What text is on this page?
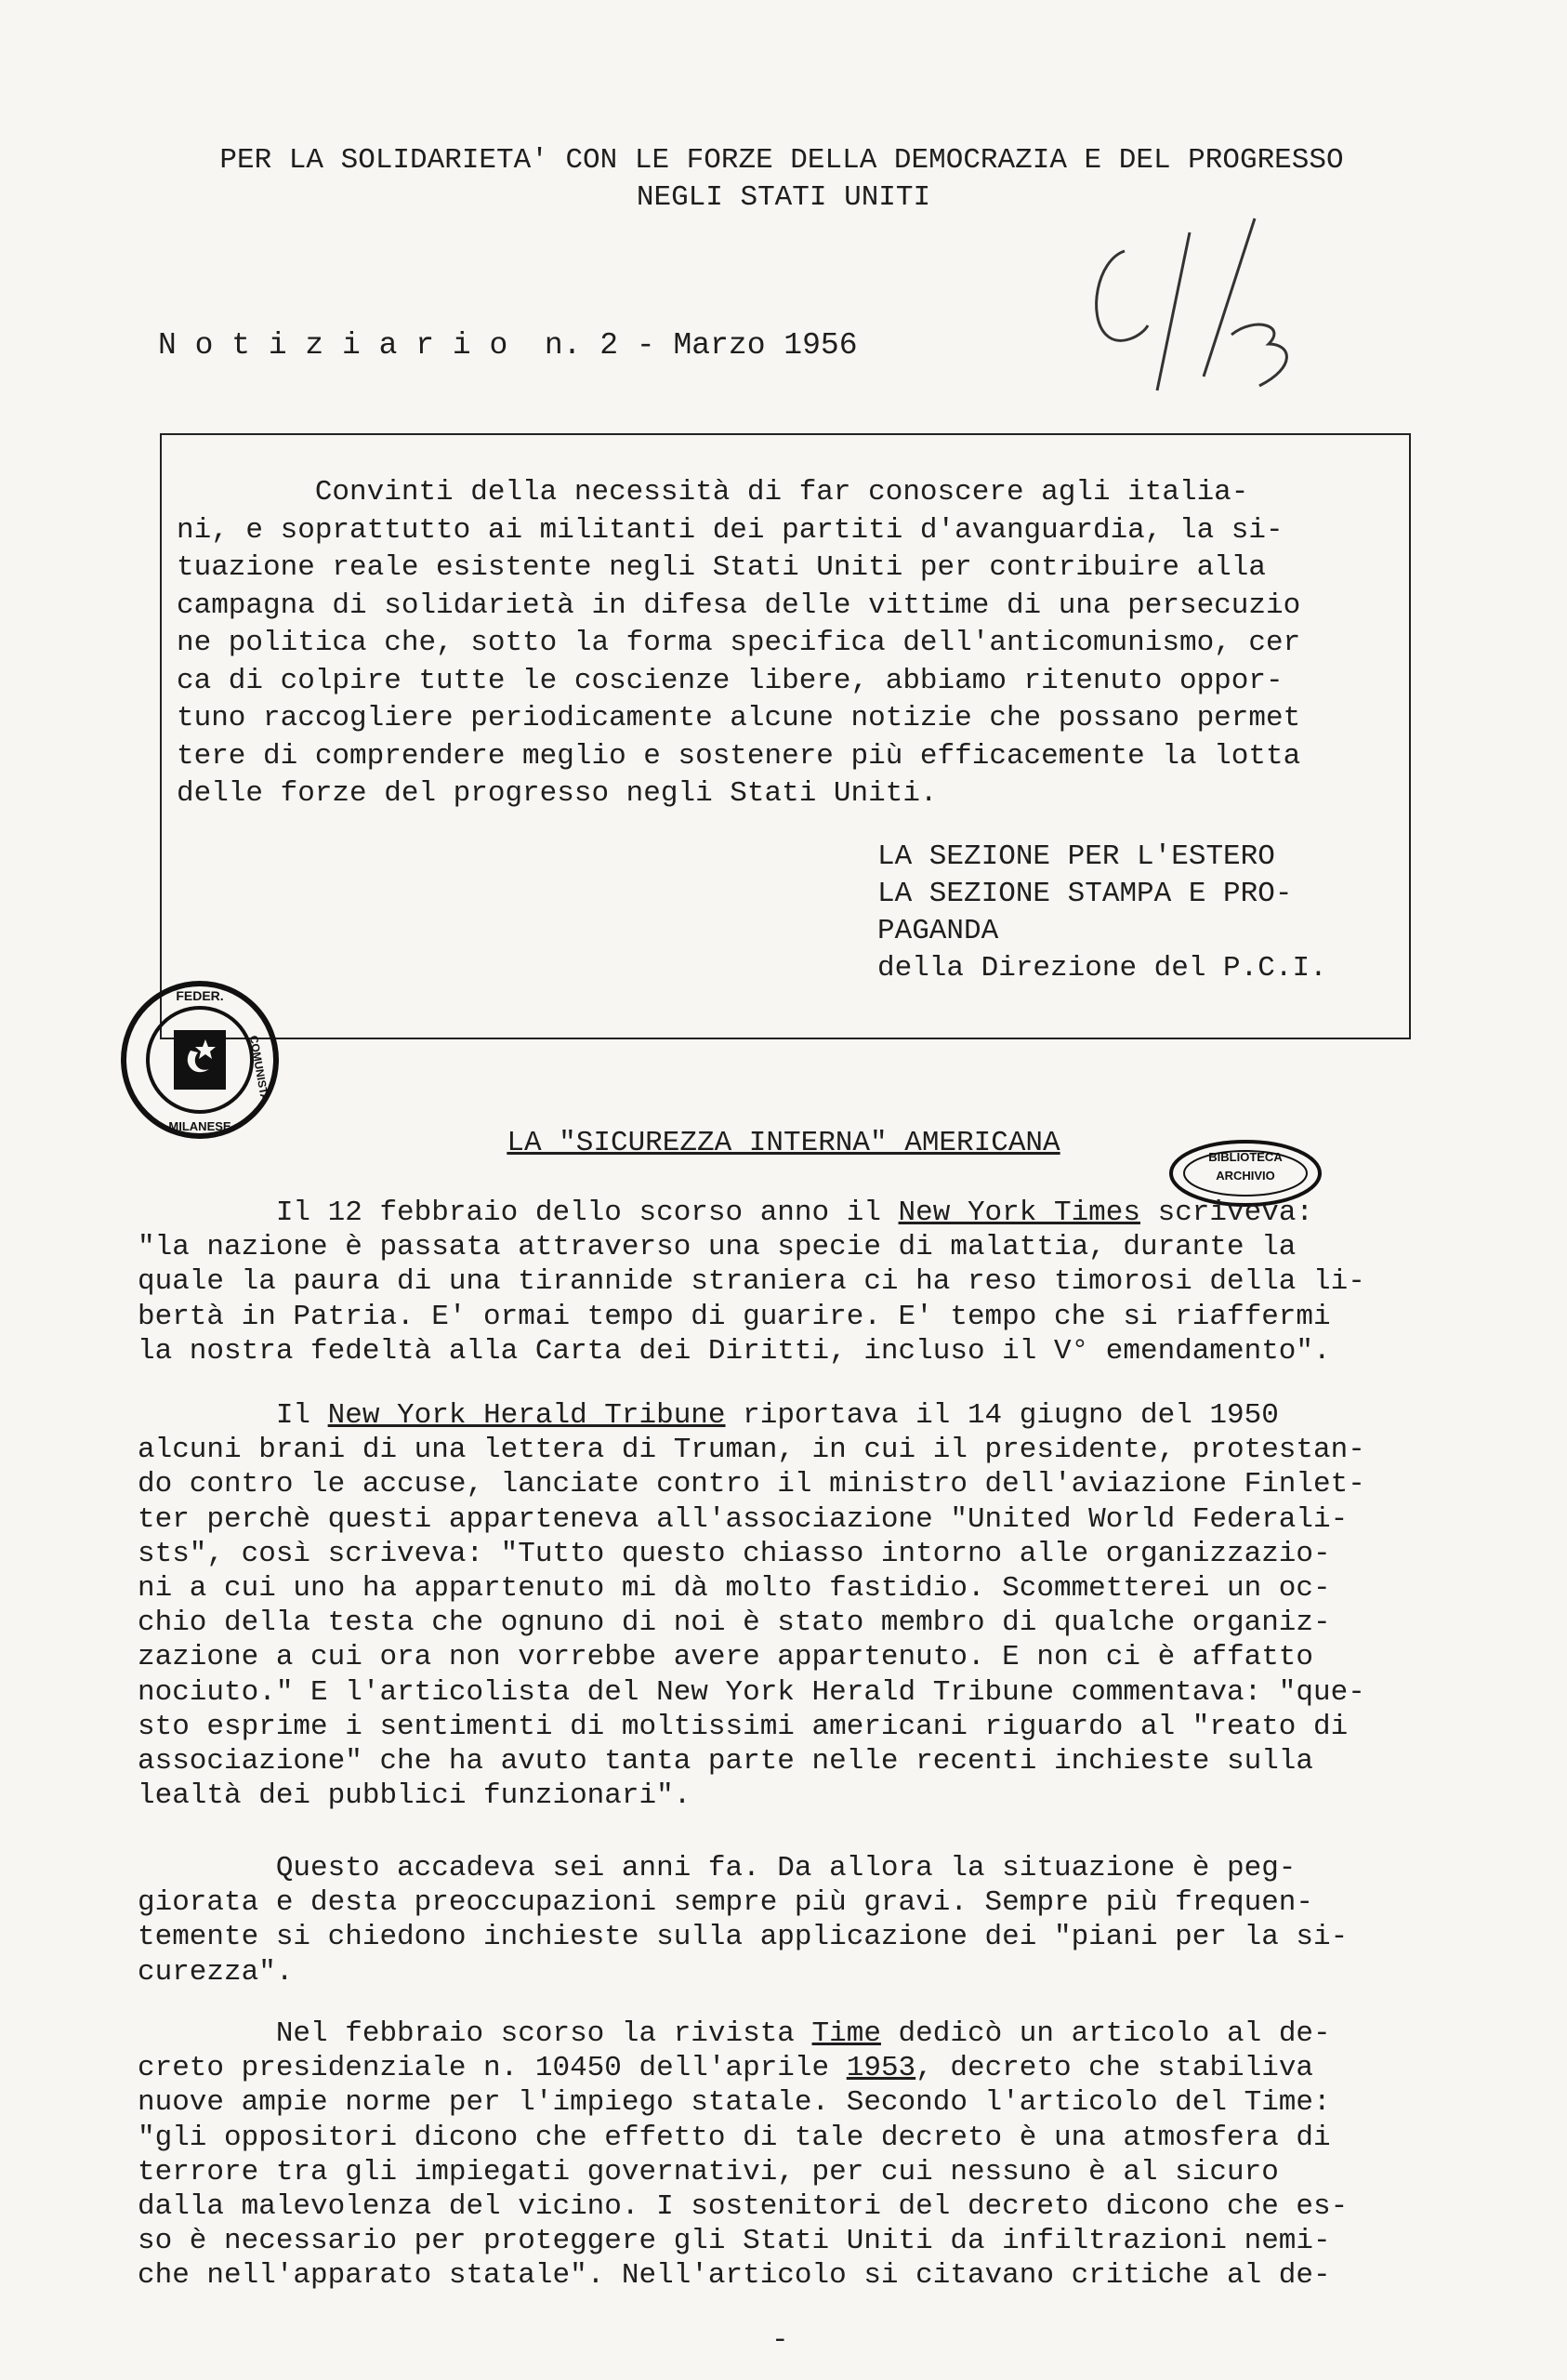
PER LA SOLIDARIETA' CON LE FORZE DELLA DEMOCRAZIA E DEL PROGRESSO
NEGLI STATI UNITI
N o t i z i a r i o  n. 2 - Marzo 1956
Convinti della necessità di far conoscere agli italia-
ni, e soprattutto ai militanti dei partiti d'avanguardia, la si-
tuazione reale esistente negli Stati Uniti per contribuire alla
campagna di solidarietà in difesa delle vittime di una persecuzio
ne politica che, sotto la forma specifica dell'anticomunismo, cer
ca di colpire tutte le coscienze libere, abbiamo ritenuto oppor-
tuno raccogliere periodicamente alcune notizie che possano permet
tere di comprendere meglio e sostenere più efficacemente la lotta
delle forze del progresso negli Stati Uniti.
LA SEZIONE PER L'ESTERO
LA SEZIONE STAMPA E PRO-
PAGANDA
della Direzione del P.C.I.
FEDER.
COMUNISTA
MILANESE
LA "SICUREZZA INTERNA" AMERICANA	BIBLIOTECA
ARCHIVIO
Il 12 febbraio dello scorso anno il New York Times scriveva:
"la nazione è passata attraverso una specie di malattia, durante la
quale la paura di una tirannide straniera ci ha reso timorosi della li-
bertà in Patria. E' ormai tempo di guarire. E' tempo che si riaffermi
la nostra fedeltà alla Carta dei Diritti, incluso il V° emendamento".
Il New York Herald Tribune riportava il 14 giugno del 1950
alcuni brani di una lettera di Truman, in cui il presidente, protestan-
do contro le accuse, lanciate contro il ministro dell'aviazione Finlet-
ter perchè questi apparteneva all'associazione "United World Federali-
sts", così scriveva: "Tutto questo chiasso intorno alle organizzazio-
ni a cui uno ha appartenuto mi dà molto fastidio. Scommetterei un oc-
chio della testa che ognuno di noi è stato membro di qualche organiz-
zazione a cui ora non vorrebbe avere appartenuto. E non ci è affatto
nociuto." E l'articolista del New York Herald Tribune commentava: "que-
sto esprime i sentimenti di moltissimi americani riguardo al "reato di
associazione" che ha avuto tanta parte nelle recenti inchieste sulla
lealtà dei pubblici funzionari".
Questo accadeva sei anni fa. Da allora la situazione è peg-
giorata e desta preoccupazioni sempre più gravi. Sempre più frequen-
temente si chiedono inchieste sulla applicazione dei "piani per la si-
curezza".
Nel febbraio scorso la rivista Time dedicò un articolo al de-
creto presidenziale n. 10450 dell'aprile 1953, decreto che stabiliva
nuove ampie norme per l'impiego statale. Secondo l'articolo del Time:
"gli oppositori dicono che effetto di tale decreto è una atmosfera di
terrore tra gli impiegati governativi, per cui nessuno è al sicuro
dalla malevolenza del vicino. I sostenitori del decreto dicono che es-
so è necessario per proteggere gli Stati Uniti da infiltrazioni nemi-
che nell'apparato statale". Nell'articolo si citavano critiche al de-
-
